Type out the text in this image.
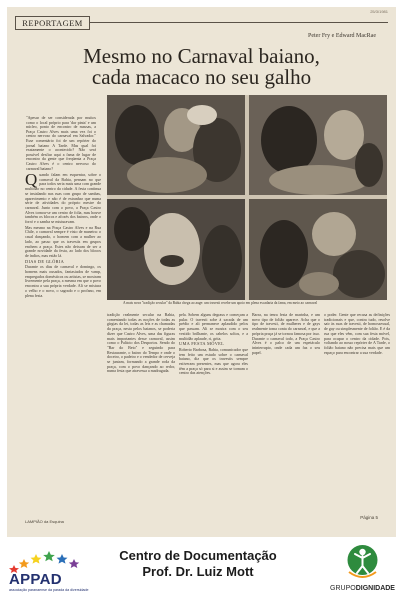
25/3/1981
REPORTAGEM
Peter Fry e Edward MacRae
Mesmo no Carnaval baiano,
cada macaco no seu galho
"Apesar de ser considerada por muitos como o local próprio para 'dar pinta' e um núcleo, ponto de encontro de massas, a Praça Castro Alves mais uma vez foi o centro nervoso do carnaval em Salvador." Esse comentário foi de um repórter do jornal baiano A Tarde. Mas qual foi exatamente o acontecido? Não será possível desfiar aqui a fama de lugar de encontro da gente que freqüenta a Praça Castro Alves é o centro nervoso do carnaval baiano?
A mais nova "tradição secular" da Bahia chega ao auge: um travesti recebe um apoio em plena escadaria da fama, em meio ao carnaval

Quando falam em esquentar, sobre o carnaval da Bahia, pensam no que para todos seria mais uma com grande multidão no centro da cidade. A festa continua se instalando nas ruas com grupo de sambas, aparecimento e não é de estranhar que numa série de atividades do próprio mestre do carnaval. Junto com o povo, a Praça Castro Alves tornou-se um centro de folia, mas houve também os blocos e afoxés dos bairros, onde o forró e o samba se misturavam.

Mas mesmo na Praça Castro Alves e na Rua Chile, o carnaval sempre é visto de maneira: o casal dançando, o homem com a mulher ao lado, ao passo que os travestis em grupos enchem a praça. Estes não deixam de ser a grande novidade da festa, ao lado dos blocos de índios, mas estão lá.

DIAS DE GLÓRIA

Durante os dias de carnaval e domingo, os homens mais ousados, fantasiados de vamp, empregados domésticos ou artistas, se mostram livremente pela praça, a mesma em que o povo encontra a sua própria verdade. Ali se mistura o velho e o novo, o sagrado e o profano, em plena festa.

tradição realmente secular na Bahia, comentando todas as noções de todas as gírgias da lei, todas as leis e as chamadas da praça, nesta pelos baianos, se poderia dizer que Castro Alves, uma das figuras mais importantes desse carnaval, assim como o Palácio dos Desportos. Sendo do "Bar do Beto" e seguindo para Restaurante, o bairro do Tempo e onde o doceiro, o padeiro e o vendedor de cerveja se juntam, formando a grande roda da praça, com o povo dançando ao redor, numa festa que atravessa a madrugada.

pela. Sobem alguns degraus e começam a pular. O travesti sobe à sacada de um prédio e ali permanece aplaudido pelos que passam. Ali se mostra com o seu vestido brilhante, os cabelos soltos, e a multidão aplaude, ri, grita.

UMA FESTA MÓVEL

Roberto Barbosa, Bahia, comunicador que tem feito um estudo sobre o carnaval baiano, diz que os travestis sempre estiveram presentes, mas que agora eles têm a praça só para si e assim se tornam o centro das atenções.

Barra, na tenra festa de marinha, e um novo tipo de folião aparece. Acha que o tipo de travesti, de mulheres e de gays realmente toma conta do carnaval, e que a própria praça já se tornou famosa por isso. Durante o carnaval todo, a Praça Castro Alves é o palco de um espetáculo ininterrupto, onde cada um faz o seu papel.

o poder. Gente que recusa as definições tradicionais e que, contra tudo, resolve sair às ruas de travesti, de homossexual, de gay ou simplesmente de folião. E é da rua que eles vêm, com sua festa móvel, para ocupar o centro da cidade. Pois, voltando ao nosso repórter de A Tarde, o folião baiano não precisa mais que um espaço para encontrar a sua verdade.

LAMPIÃO da Esquina
Página 5
APPAD
associação paranaense da parada da diversidade
Centro de Documentação
Prof. Dr. Luiz Mott
GRUPODIGNIDADE
